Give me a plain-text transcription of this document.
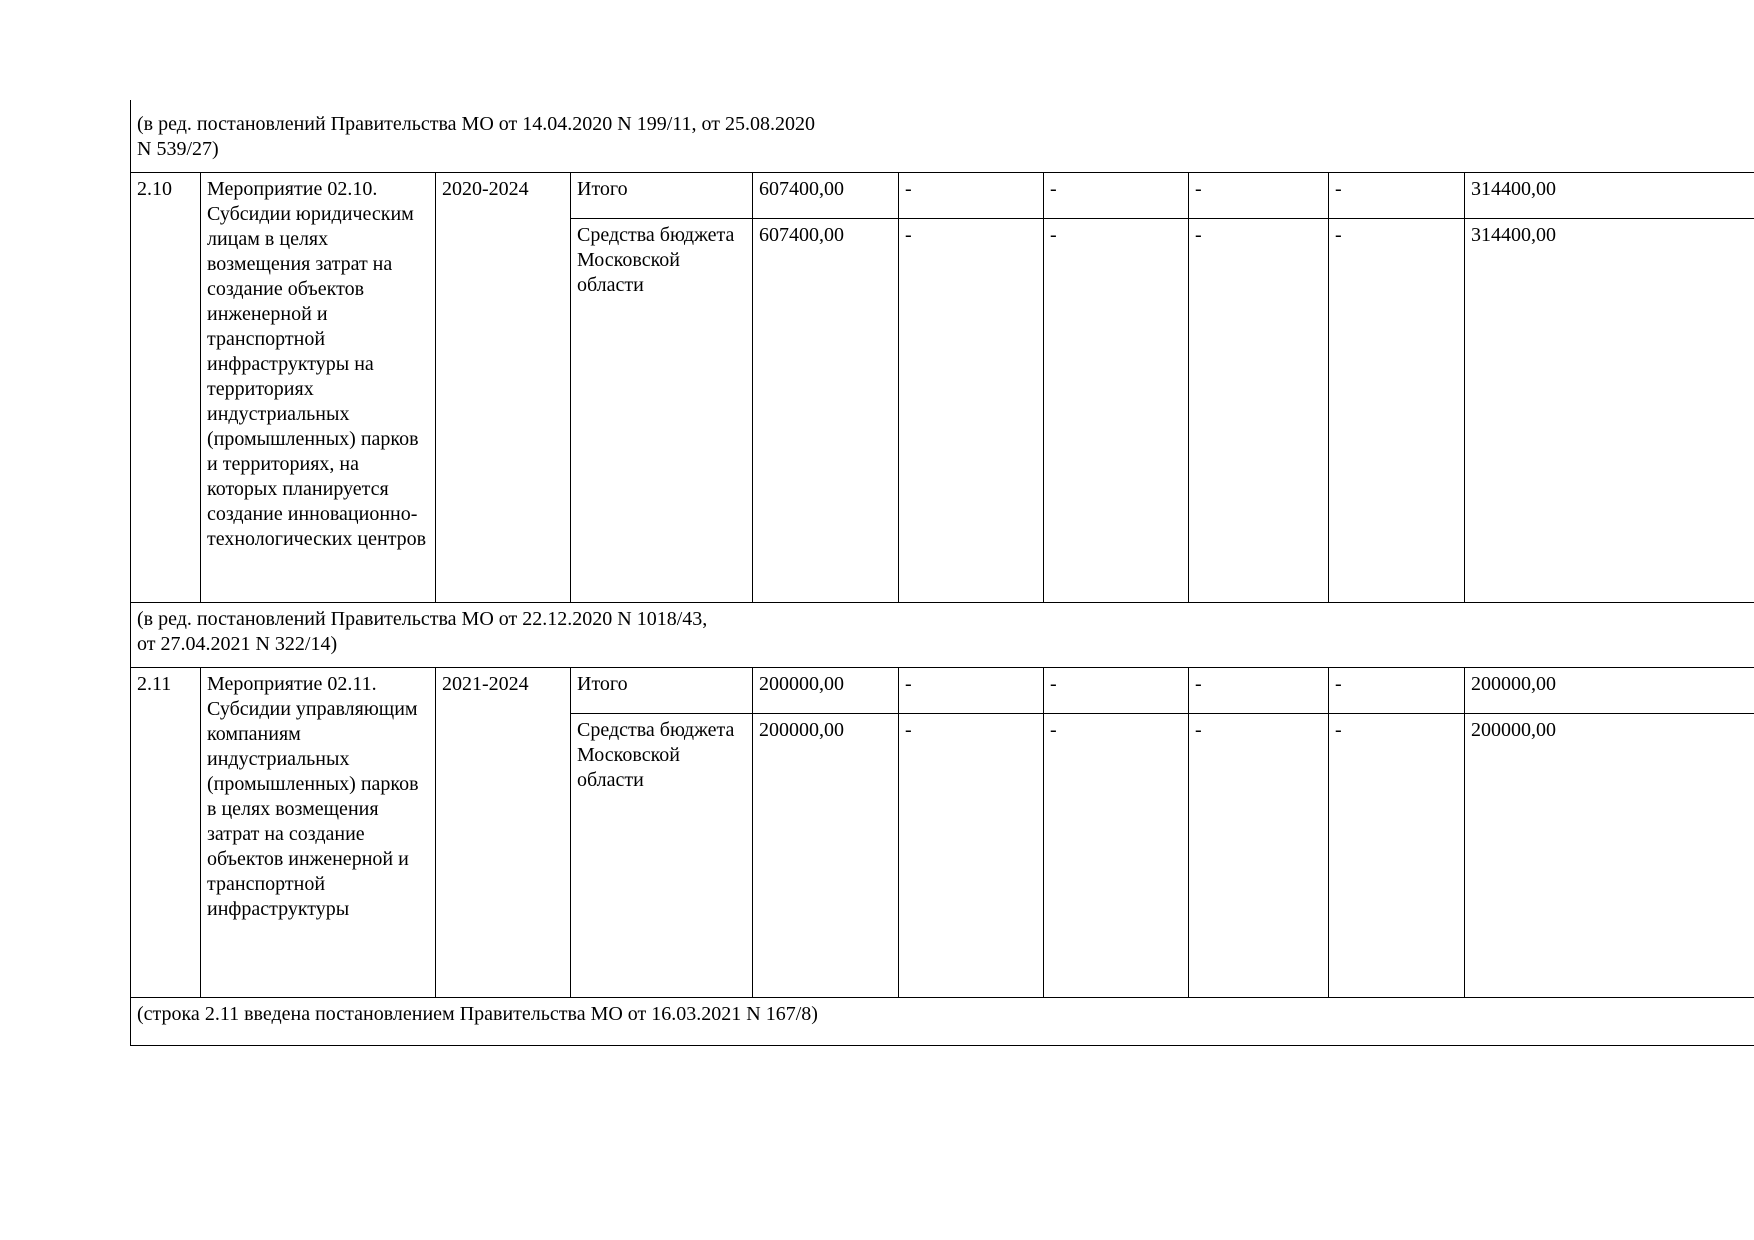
(в ред. постановлений Правительства МО от 14.04.2020 N 199/11, от 25.08.2020
N 539/27)

2.10	Мероприятие 02.10. Субсидии юридическим лицам в целях возмещения затрат на создание объектов инженерной и транспортной инфраструктуры на территориях индустриальных (промышленных) парков и территориях, на которых планируется создание инновационно-технологических центров	2020-2024	Итого	607400,00	-	-	-	-	314400,00
			Средства бюджета Московской области	607400,00	-	-	-	-	314400,00

(в ред. постановлений Правительства МО от 22.12.2020 N 1018/43,
от 27.04.2021 N 322/14)

2.11	Мероприятие 02.11. Субсидии управляющим компаниям индустриальных (промышленных) парков в целях возмещения затрат на создание объектов инженерной и транспортной инфраструктуры	2021-2024	Итого	200000,00	-	-	-	-	200000,00
			Средства бюджета Московской области	200000,00	-	-	-	-	200000,00

(строка 2.11 введена постановлением Правительства МО от 16.03.2021 N 167/8)
